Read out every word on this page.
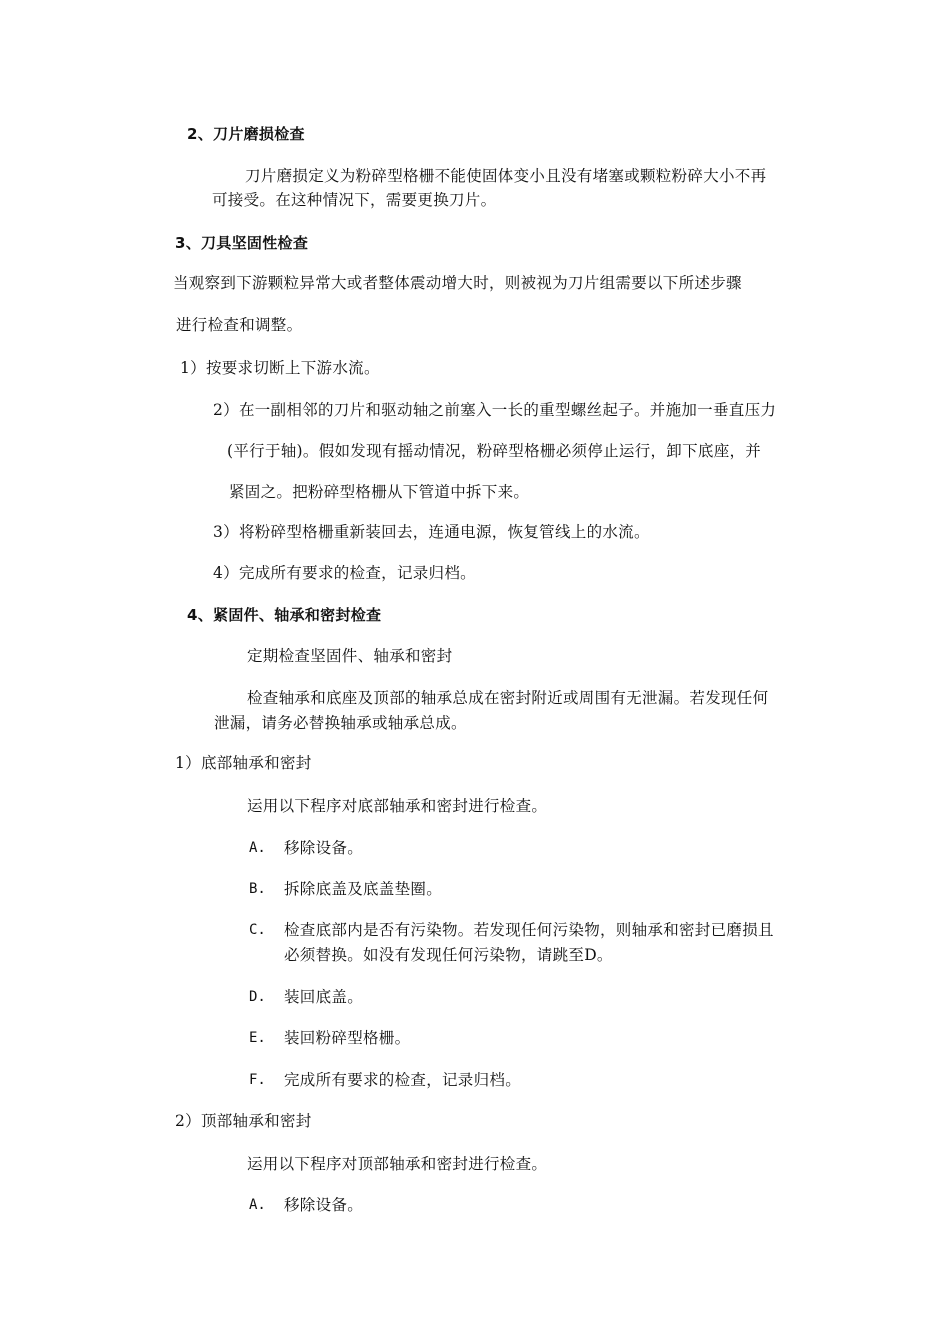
2、刀片磨损检查
刀片磨损定义为粉碎型格栅不能使固体变小且没有堵塞或颗粒粉碎大小不再
可接受。在这种情况下，需要更换刀片。
3、刀具坚固性检查
当观察到下游颗粒异常大或者整体震动增大时，则被视为刀片组需要以下所述步骤
进行检查和调整。
1）按要求切断上下游水流。
2）在一副相邻的刀片和驱动轴之前塞入一长的重型螺丝起子。并施加一垂直压力
(平行于轴)。假如发现有摇动情况，粉碎型格栅必须停止运行，卸下底座，并
紧固之。把粉碎型格栅从下管道中拆下来。
3）将粉碎型格栅重新装回去，连通电源，恢复管线上的水流。
4）完成所有要求的检查，记录归档。
4、紧固件、轴承和密封检查
定期检查坚固件、轴承和密封
检查轴承和底座及顶部的轴承总成在密封附近或周围有无泄漏。若发现任何
泄漏，请务必替换轴承或轴承总成。
1）底部轴承和密封
运用以下程序对底部轴承和密封进行检查。
A. 移除设备。
B. 拆除底盖及底盖垫圈。
C. 检查底部内是否有污染物。若发现任何污染物，则轴承和密封已磨损且
必须替换。如没有发现任何污染物，请跳至D。
D. 装回底盖。
E. 装回粉碎型格栅。
F. 完成所有要求的检查，记录归档。
2）顶部轴承和密封
运用以下程序对顶部轴承和密封进行检查。
A. 移除设备。
